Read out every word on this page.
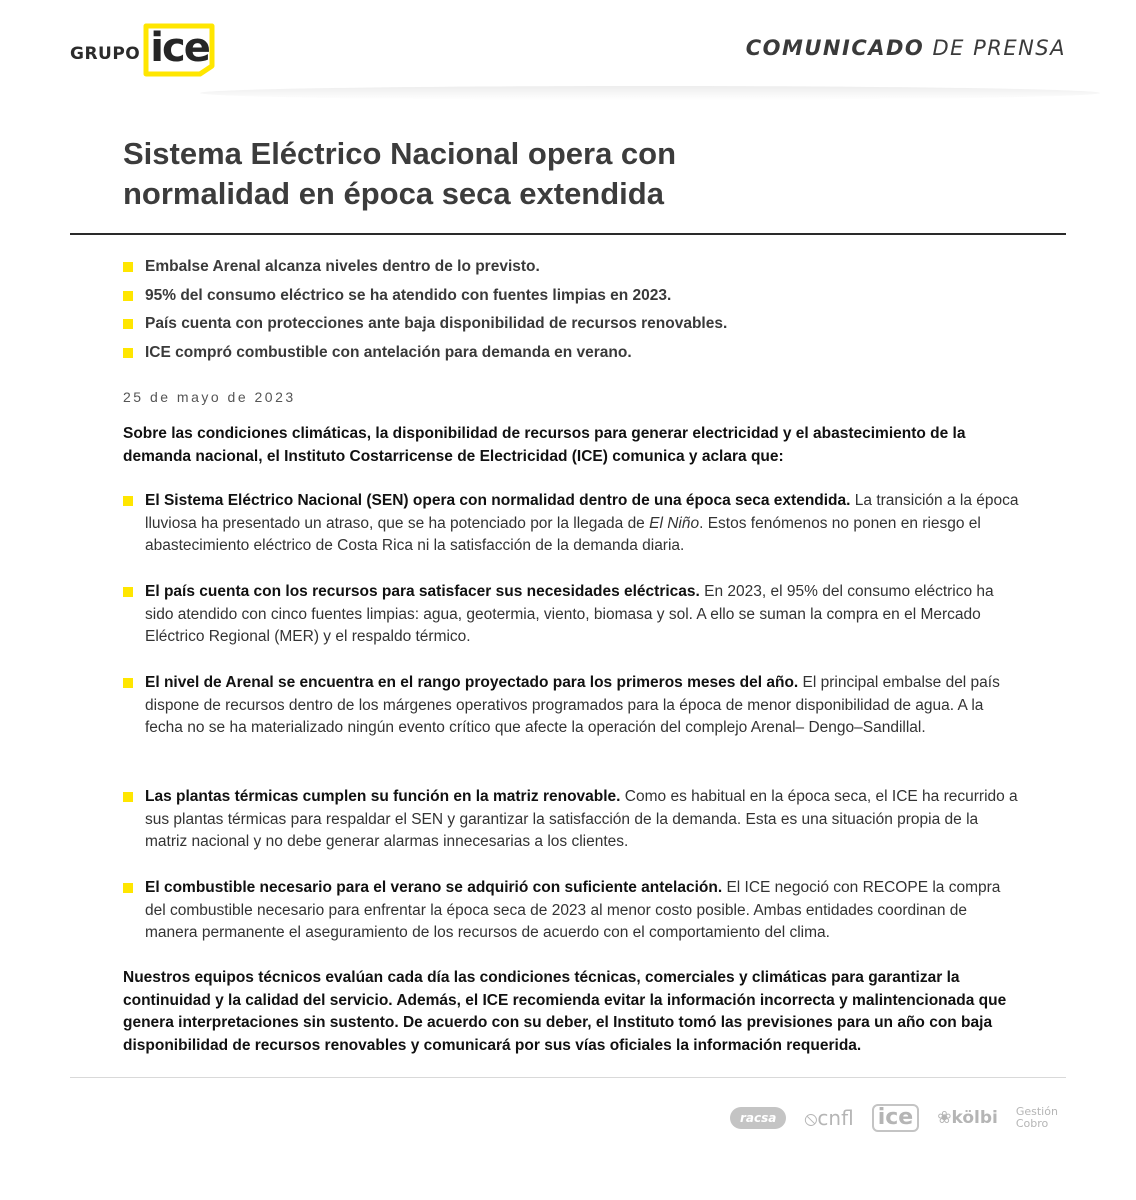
GRUPO ice	COMUNICADO DE PRENSA
Sistema Eléctrico Nacional opera con normalidad en época seca extendida
Embalse Arenal alcanza niveles dentro de lo previsto.
95% del consumo eléctrico se ha atendido con fuentes limpias en 2023.
País cuenta con protecciones ante baja disponibilidad de recursos renovables.
ICE compró combustible con antelación para demanda en verano.
25 de mayo de 2023

Sobre las condiciones climáticas, la disponibilidad de recursos para generar electricidad y el abastecimiento de la demanda nacional, el Instituto Costarricense de Electricidad (ICE) comunica y aclara que:

El Sistema Eléctrico Nacional (SEN) opera con normalidad dentro de una época seca extendida. La transición a la época lluviosa ha presentado un atraso, que se ha potenciado por la llegada de El Niño. Estos fenómenos no ponen en riesgo el abastecimiento eléctrico de Costa Rica ni la satisfacción de la demanda diaria.

El país cuenta con los recursos para satisfacer sus necesidades eléctricas. En 2023, el 95% del consumo eléctrico ha sido atendido con cinco fuentes limpias: agua, geotermia, viento, biomasa y sol. A ello se suman la compra en el Mercado Eléctrico Regional (MER) y el respaldo térmico.

El nivel de Arenal se encuentra en el rango proyectado para los primeros meses del año. El principal embalse del país dispone de recursos dentro de los márgenes operativos programados para la época de menor disponibilidad de agua. A la fecha no se ha materializado ningún evento crítico que afecte la operación del complejo Arenal– Dengo–Sandillal.

Las plantas térmicas cumplen su función en la matriz renovable. Como es habitual en la época seca, el ICE ha recurrido a sus plantas térmicas para respaldar el SEN y garantizar la satisfacción de la demanda. Esta es una situación propia de la matriz nacional y no debe generar alarmas innecesarias a los clientes.

El combustible necesario para el verano se adquirió con suficiente antelación. El ICE negoció con RECOPE la compra del combustible necesario para enfrentar la época seca de 2023 al menor costo posible. Ambas entidades coordinan de manera permanente el aseguramiento de los recursos de acuerdo con el comportamiento del clima.

Nuestros equipos técnicos evalúan cada día las condiciones técnicas, comerciales y climáticas para garantizar la continuidad y la calidad del servicio. Además, el ICE recomienda evitar la información incorrecta y malintencionada que genera interpretaciones sin sustento. De acuerdo con su deber, el Instituto tomó las previsiones para un año con baja disponibilidad de recursos renovables y comunicará por sus vías oficiales la información requerida.

racsa	⦸ cnfl ice	❀ kölbi Gestión
Cobro
